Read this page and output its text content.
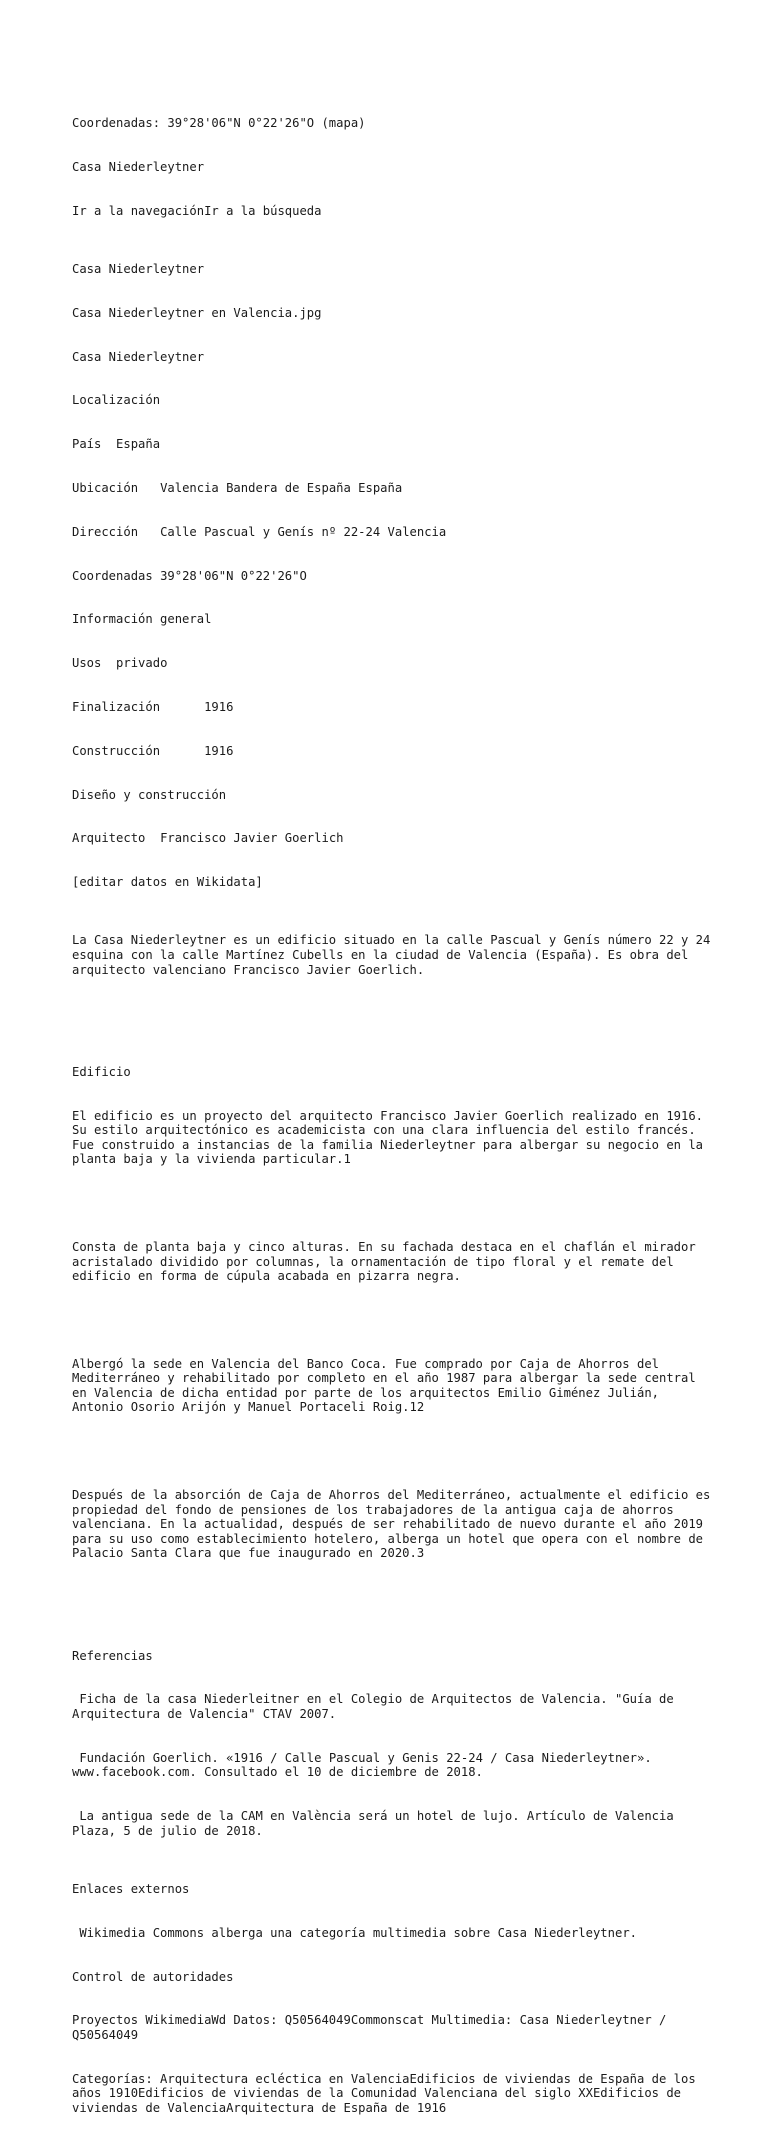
Coordenadas: 39°28'06"N 0°22'26"O (mapa)

Casa Niederleytner

Ir a la navegaciónIr a la búsqueda

Casa Niederleytner

Casa Niederleytner en Valencia.jpg

Casa Niederleytner

Localización

País España

Ubicación Valencia Bandera de España España

Dirección Calle Pascual y Genís nº 22-24 Valencia

Coordenadas 39°28'06"N 0°22'26"O

Información general

Usos privado

Finalización	1916

Construcción	1916

Diseño y construcción

Arquitecto Francisco Javier Goerlich

[editar datos en Wikidata]

La Casa Niederleytner es un edificio situado en la calle Pascual y Genís número 22 y 24 esquina con la calle Martínez Cubells en la ciudad de Valencia (España). Es obra del arquitecto valenciano Francisco Javier Goerlich.

Edificio

El edificio es un proyecto del arquitecto Francisco Javier Goerlich realizado en 1916. Su estilo arquitectónico es academicista con una clara influencia del estilo francés. Fue construido a instancias de la familia Niederleytner para albergar su negocio en la planta baja y la vivienda particular.1

Consta de planta baja y cinco alturas. En su fachada destaca en el chaflán el mirador acristalado dividido por columnas, la ornamentación de tipo floral y el remate del edificio en forma de cúpula acabada en pizarra negra.

Albergó la sede en Valencia del Banco Coca. Fue comprado por Caja de Ahorros del Mediterráneo y rehabilitado por completo en el año 1987 para albergar la sede central en Valencia de dicha entidad por parte de los arquitectos Emilio Giménez Julián, Antonio Osorio Arijón y Manuel Portaceli Roig.12

Después de la absorción de Caja de Ahorros del Mediterráneo, actualmente el edificio es propiedad del fondo de pensiones de los trabajadores de la antigua caja de ahorros valenciana. En la actualidad, después de ser rehabilitado de nuevo durante el año 2019 para su uso como establecimiento hotelero, alberga un hotel que opera con el nombre de Palacio Santa Clara que fue inaugurado en 2020.3

Referencias

Ficha de la casa Niederleitner en el Colegio de Arquitectos de Valencia. "Guía de Arquitectura de Valencia" CTAV 2007.

Fundación Goerlich. «1916 / Calle Pascual y Genis 22-24 / Casa Niederleytner». www.facebook.com. Consultado el 10 de diciembre de 2018.

La antigua sede de la CAM en València será un hotel de lujo. Artículo de Valencia Plaza, 5 de julio de 2018.

Enlaces externos

Wikimedia Commons alberga una categoría multimedia sobre Casa Niederleytner.

Control de autoridades

Proyectos WikimediaWd Datos: Q50564049Commonscat Multimedia: Casa Niederleytner / Q50564049

Categorías: Arquitectura ecléctica en ValenciaEdificios de viviendas de España de los años 1910Edificios de viviendas de la Comunidad Valenciana del siglo XXEdificios de viviendas de ValenciaArquitectura de España de 1916
